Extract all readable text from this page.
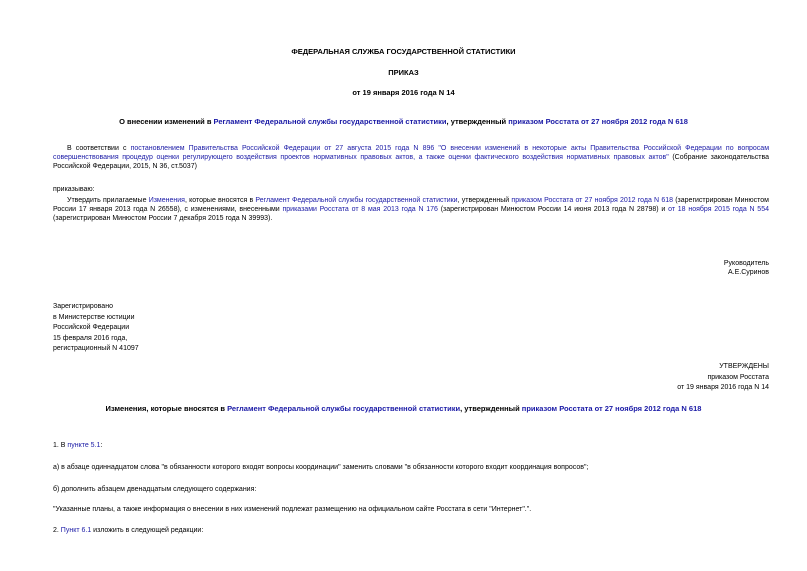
ФЕДЕРАЛЬНАЯ СЛУЖБА ГОСУДАРСТВЕННОЙ СТАТИСТИКИ
ПРИКАЗ
от 19 января 2016 года N 14
О внесении изменений в Регламент Федеральной службы государственной статистики, утвержденный приказом Росстата от 27 ноября 2012 года N 618
В соответствии с постановлением Правительства Российской Федерации от 27 августа 2015 года N 896 "О внесении изменений в некоторые акты Правительства Российской Федерации по вопросам совершенствования процедур оценки регулирующего воздействия проектов нормативных правовых актов, а также оценки фактического воздействия нормативных правовых актов" (Собрание законодательства Российской Федерации, 2015, N 36, ст.5037)
приказываю:
Утвердить прилагаемые Изменения, которые вносятся в Регламент Федеральной службы государственной статистики, утвержденный приказом Росстата от 27 ноября 2012 года N 618 (зарегистрирован Минюстом России 17 января 2013 года N 26558), с изменениями, внесенными приказами Росстата от 8 мая 2013 года N 176 (зарегистрирован Минюстом России 14 июня 2013 года N 28798) и от 18 ноября 2015 года N 554 (зарегистрирован Минюстом России 7 декабря 2015 года N 39993).
Руководитель
А.Е.Суринов
Зарегистрировано
в Министерстве юстиции
Российской Федерации
15 февраля 2016 года,
регистрационный N 41097
УТВЕРЖДЕНЫ
приказом Росстата
от 19 января 2016 года N 14
Изменения, которые вносятся в Регламент Федеральной службы государственной статистики, утвержденный приказом Росстата от 27 ноября 2012 года N 618
1. В пункте 5.1:
а) в абзаце одиннадцатом слова "в обязанности которого входят вопросы координации" заменить словами "в обязанности которого входит координация вопросов";
б) дополнить абзацем двенадцатым следующего содержания:
"Указанные планы, а также информация о внесении в них изменений подлежат размещению на официальном сайте Росстата в сети "Интернет".".
2. Пункт 6.1 изложить в следующей редакции:
